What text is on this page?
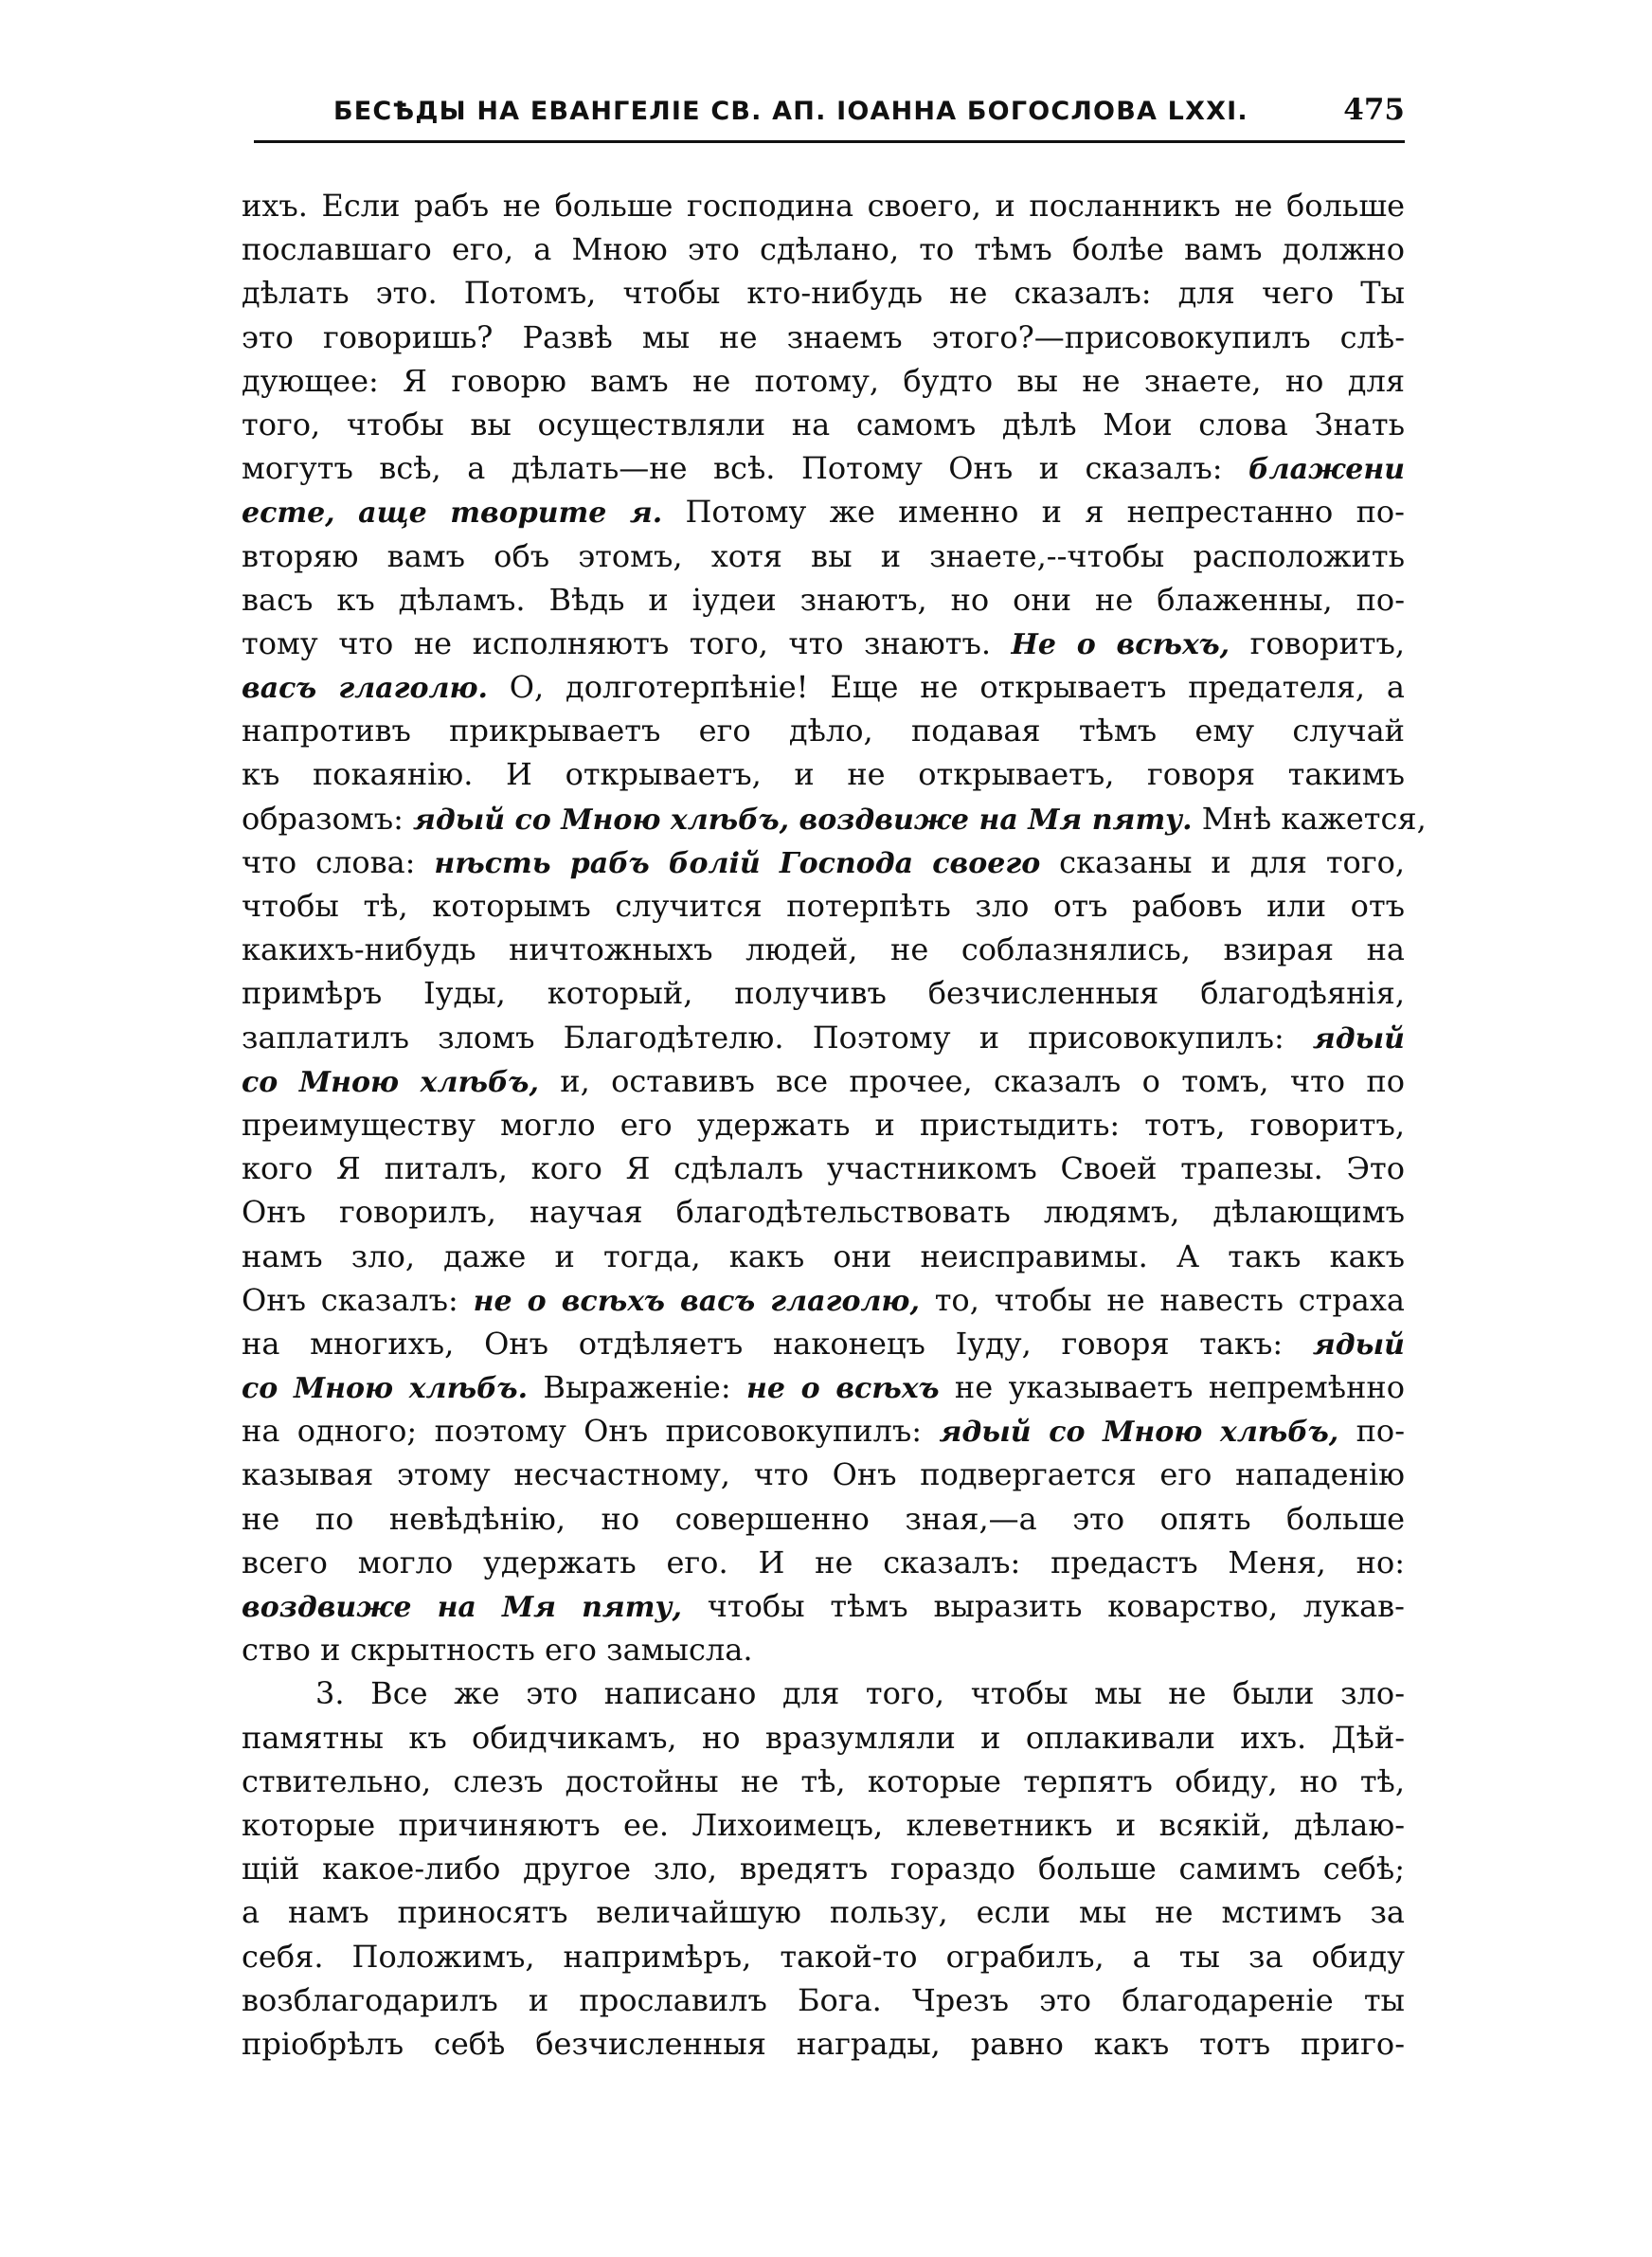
БЕСѢДЫ НА ЕВАНГЕЛІЕ СВ. АП. ІОАННА БОГОСЛОВА LXXI.	475
ихъ. Если рабъ не больше господина своего, и посланникъ не больше
пославшаго его, а Мною это сдѣлано, то тѣмъ болѣе вамъ должно
дѣлать это. Потомъ, чтобы кто-нибудь не сказалъ: для чего Ты
это говоришь? Развѣ мы не знаемъ этого?—присовокупилъ слѣ-
дующее: Я говорю вамъ не потому, будто вы не знаете, но для
того, чтобы вы осуществляли на самомъ дѣлѣ Мои слова Знать
могутъ всѣ, а дѣлать—не всѣ. Потому Онъ и сказалъ: блажени
есте, аще творите я. Потому же именно и я непрестанно по-
вторяю вамъ объ этомъ, хотя вы и знаете,--чтобы расположить
васъ къ дѣламъ. Вѣдь и іудеи знаютъ, но они не блаженны, по-
тому что не исполняютъ того, что знаютъ. Не о всѣхъ, говоритъ,
васъ глаголю. О, долготерпѣніе! Еще не открываетъ предателя, а
напротивъ прикрываетъ его дѣло, подавая тѣмъ ему случай
къ покаянію. И открываетъ, и не открываетъ, говоря такимъ
образомъ: ядый со Мною хлѣбъ, воздвиже на Мя пяту. Мнѣ кажется,
что слова: нѣсть рабъ болій Господа своего сказаны и для того,
чтобы тѣ, которымъ случится потерпѣть зло отъ рабовъ или отъ
какихъ-нибудь ничтожныхъ людей, не соблазнялись, взирая на
примѣръ Іуды, который, получивъ безчисленныя благодѣянія,
заплатилъ зломъ Благодѣтелю. Поэтому и присовокупилъ: ядый
со Мною хлѣбъ, и, оставивъ все прочее, сказалъ о томъ, что по
преимуществу могло его удержать и пристыдить: тотъ, говоритъ,
кого Я питалъ, кого Я сдѣлалъ участникомъ Своей трапезы. Это
Онъ говорилъ, научая благодѣтельствовать людямъ, дѣлающимъ
намъ зло, даже и тогда, какъ они неисправимы. А такъ какъ
Онъ сказалъ: не о всѣхъ васъ глаголю, то, чтобы не навесть страха
на многихъ, Онъ отдѣляетъ наконецъ Іуду, говоря такъ: ядый
со Мною хлѣбъ. Выраженіе: не о всѣхъ не указываетъ непремѣнно
на одного; поэтому Онъ присовокупилъ: ядый со Мною хлѣбъ, по-
казывая этому несчастному, что Онъ подвергается его нападенію
не по невѣдѣнію, но совершенно зная,—а это опять больше
всего могло удержать его. И не сказалъ: предастъ Меня, но:
воздвиже на Мя пяту, чтобы тѣмъ выразить коварство, лукав-
ство и скрытность его замысла.
3. Все же это написано для того, чтобы мы не были зло-
памятны къ обидчикамъ, но вразумляли и оплакивали ихъ. Дѣй-
ствительно, слезъ достойны не тѣ, которые терпятъ обиду, но тѣ,
которые причиняютъ ее. Лихоимецъ, клеветникъ и всякій, дѣлаю-
щій какое-либо другое зло, вредятъ гораздо больше самимъ себѣ;
а намъ приносятъ величайшую пользу, если мы не мстимъ за
себя. Положимъ, напримѣръ, такой-то ограбилъ, а ты за обиду
возблагодарилъ и прославилъ Бога. Чрезъ это благодареніе ты
пріобрѣлъ себѣ безчисленныя награды, равно какъ тотъ приго-
